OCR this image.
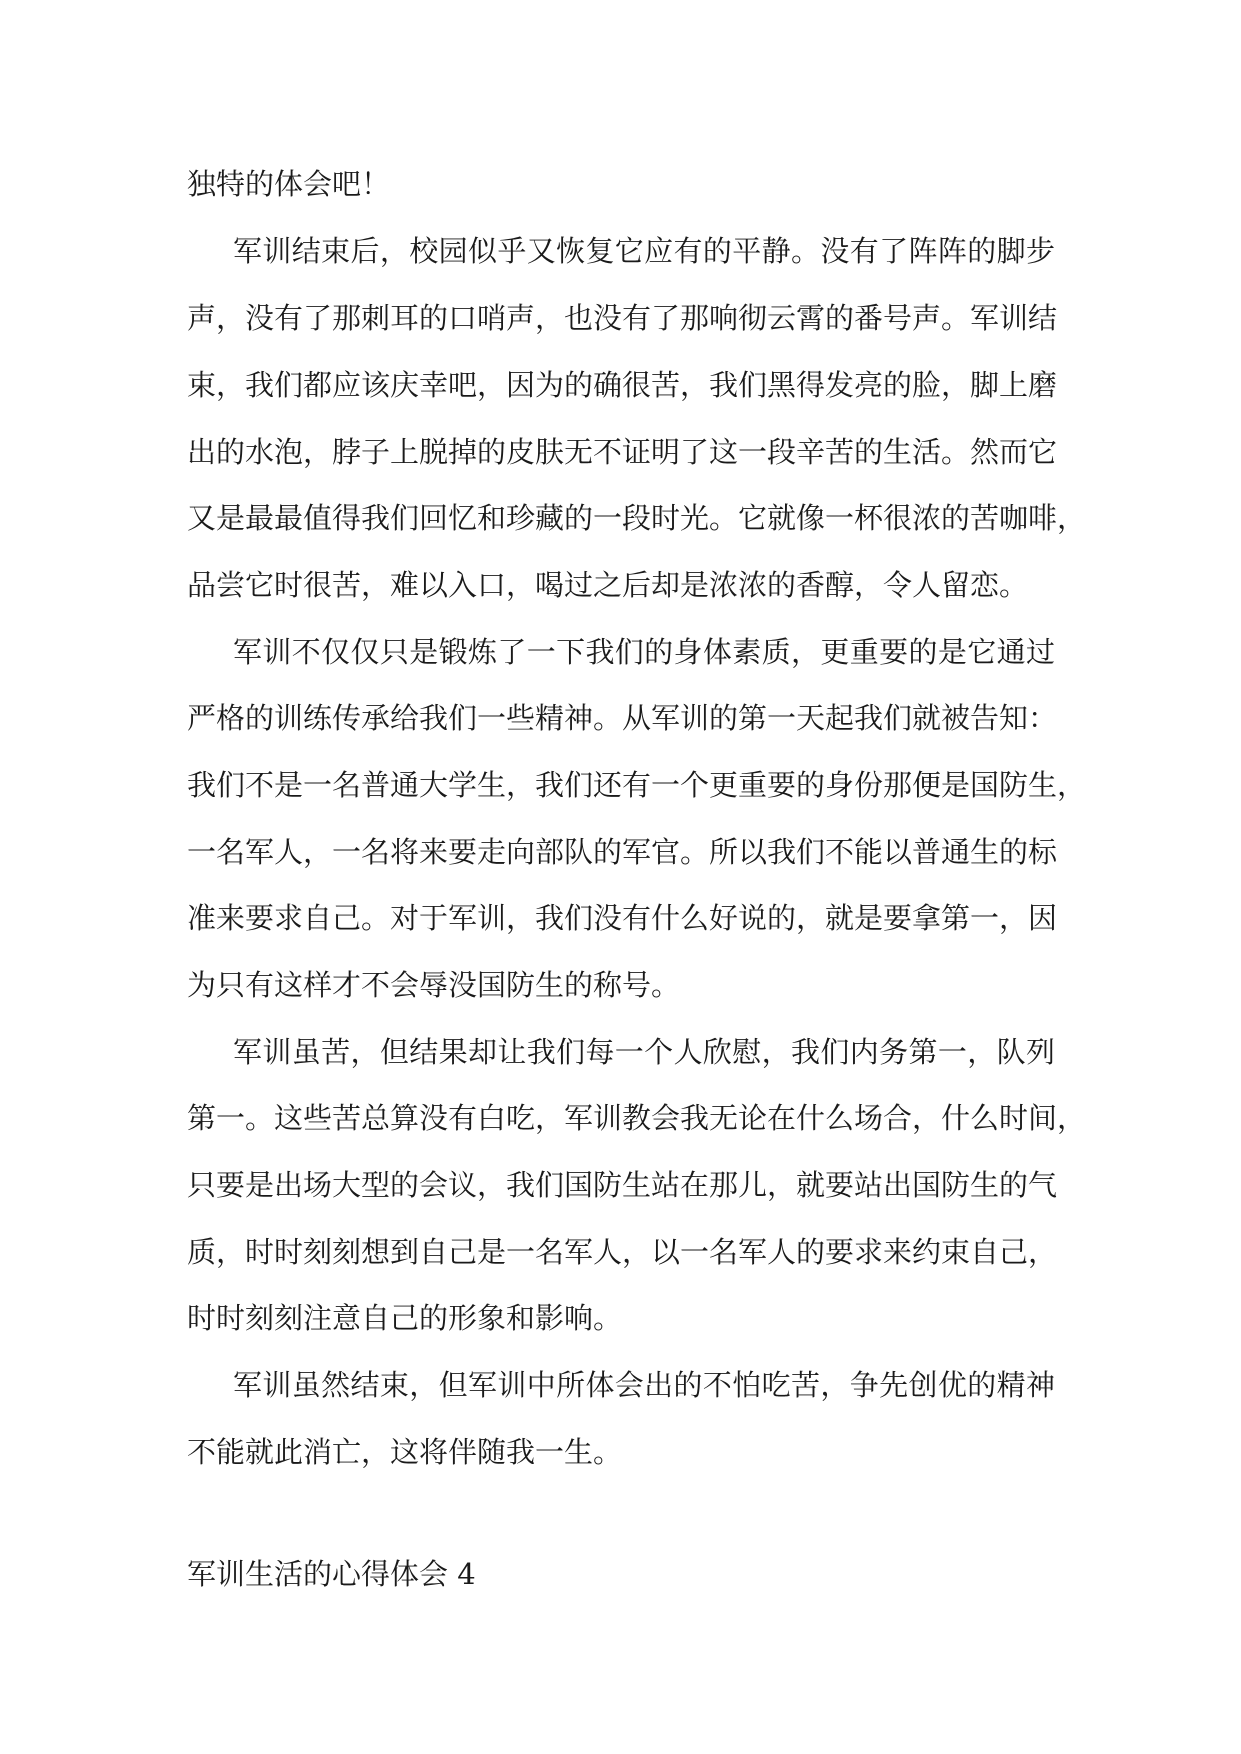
独特的体会吧！

军训结束后，校园似乎又恢复它应有的平静。没有了阵阵的脚步

声，没有了那刺耳的口哨声，也没有了那响彻云霄的番号声。军训结

束，我们都应该庆幸吧，因为的确很苦，我们黑得发亮的脸，脚上磨

出的水泡，脖子上脱掉的皮肤无不证明了这一段辛苦的生活。然而它

又是最最值得我们回忆和珍藏的一段时光。它就像一杯很浓的苦咖啡，

品尝它时很苦，难以入口，喝过之后却是浓浓的香醇，令人留恋。

军训不仅仅只是锻炼了一下我们的身体素质，更重要的是它通过

严格的训练传承给我们一些精神。从军训的第一天起我们就被告知：

我们不是一名普通大学生，我们还有一个更重要的身份那便是国防生，

一名军人，一名将来要走向部队的军官。所以我们不能以普通生的标

准来要求自己。对于军训，我们没有什么好说的，就是要拿第一，因

为只有这样才不会辱没国防生的称号。

军训虽苦，但结果却让我们每一个人欣慰，我们内务第一，队列

第一。这些苦总算没有白吃，军训教会我无论在什么场合，什么时间，

只要是出场大型的会议，我们国防生站在那儿，就要站出国防生的气

质，时时刻刻想到自己是一名军人，以一名军人的要求来约束自己，

时时刻刻注意自己的形象和影响。

军训虽然结束，但军训中所体会出的不怕吃苦，争先创优的精神

不能就此消亡，这将伴随我一生。

军训生活的心得体会 4
